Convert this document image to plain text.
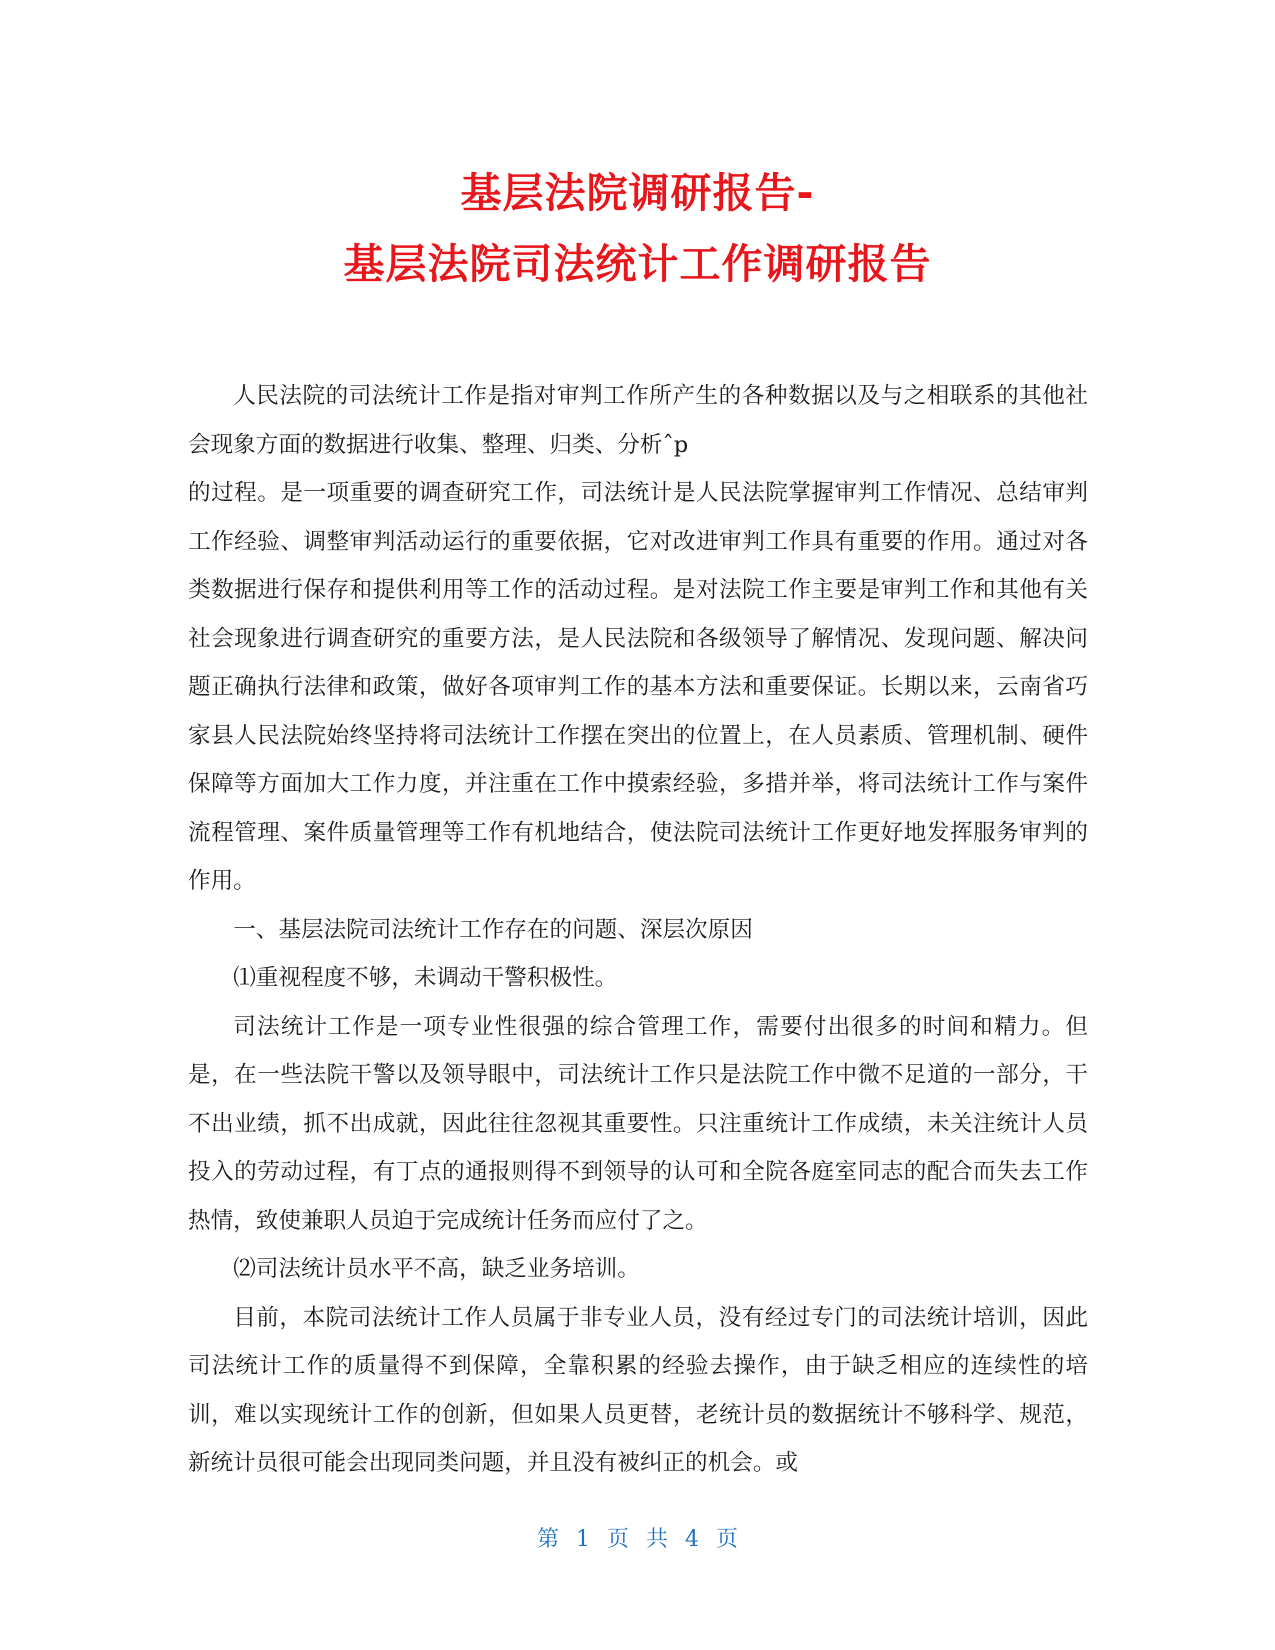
基层法院调研报告-
基层法院司法统计工作调研报告

人民法院的司法统计工作是指对审判工作所产生的各种数据以及与之相联系的其他社会现象方面的数据进行收集、整理、归类、分析ˆp

的过程。是一项重要的调查研究工作，司法统计是人民法院掌握审判工作情况、总结审判工作经验、调整审判活动运行的重要依据，它对改进审判工作具有重要的作用。通过对各类数据进行保存和提供利用等工作的活动过程。是对法院工作主要是审判工作和其他有关社会现象进行调查研究的重要方法，是人民法院和各级领导了解情况、发现问题、解决问题正确执行法律和政策，做好各项审判工作的基本方法和重要保证。长期以来，云南省巧家县人民法院始终坚持将司法统计工作摆在突出的位置上，在人员素质、管理机制、硬件保障等方面加大工作力度，并注重在工作中摸索经验，多措并举，将司法统计工作与案件流程管理、案件质量管理等工作有机地结合，使法院司法统计工作更好地发挥服务审判的作用。

一、基层法院司法统计工作存在的问题、深层次原因

⑴重视程度不够，未调动干警积极性。

司法统计工作是一项专业性很强的综合管理工作，需要付出很多的时间和精力。但是，在一些法院干警以及领导眼中，司法统计工作只是法院工作中微不足道的一部分，干不出业绩，抓不出成就，因此往往忽视其重要性。只注重统计工作成绩，未关注统计人员投入的劳动过程，有丁点的通报则得不到领导的认可和全院各庭室同志的配合而失去工作热情，致使兼职人员迫于完成统计任务而应付了之。

⑵司法统计员水平不高，缺乏业务培训。

目前，本院司法统计工作人员属于非专业人员，没有经过专门的司法统计培训，因此司法统计工作的质量得不到保障，全靠积累的经验去操作，由于缺乏相应的连续性的培训，难以实现统计工作的创新，但如果人员更替，老统计员的数据统计不够科学、规范，新统计员很可能会出现同类问题，并且没有被纠正的机会。或

第 1 页 共 4 页
